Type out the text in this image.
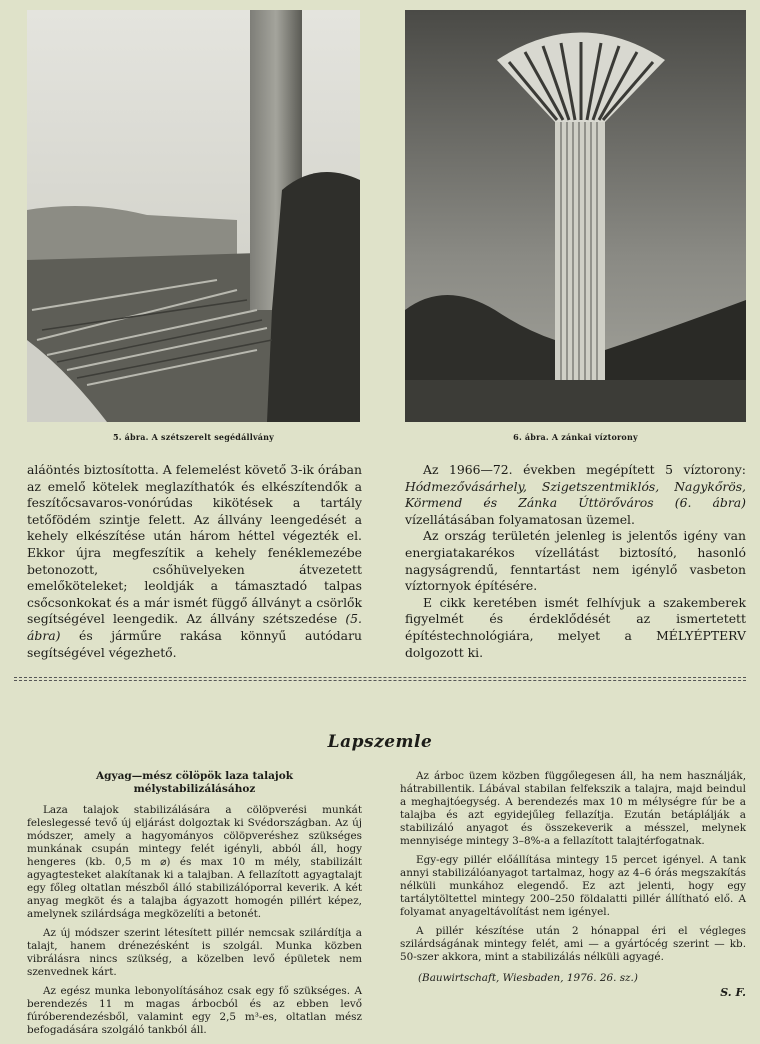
5. ábra. A szétszerelt segédállvány	6. ábra. A zánkai víztorony

aláöntés biztosította. A felemelést követő 3-ik órában az emelő kötelek meglazíthatók és elkészítendők a feszítőcsavaros-vonórúdas kikötések a tartály tetőfödém szintje felett. Az állvány leengedését a kehely elkészítése után három héttel végezték el. Ekkor újra megfeszítik a kehely fenéklemezébe betonozott, csőhüvelyeken átvezetett emelőköteleket; leoldják a támasztadó talpas csőcsonkokat és a már ismét függő állványt a csörlők segítségével leengedik. Az állvány szétszedése (5. ábra) és járműre rakása könnyű autódaru segítségével végezhető.

Az 1966—72. években megépített 5 víztorony: Hódmezővásárhely, Szigetszentmiklós, Nagykőrös, Körmend és Zánka Úttörőváros (6. ábra) vízellátásában folyamatosan üzemel.

Az ország területén jelenleg is jelentős igény van energiatakarékos vízellátást biztosító, hasonló nagyságrendű, fenntartást nem igénylő vasbeton víztornyok építésére.

E cikk keretében ismét felhívjuk a szakemberek figyelmét és érdeklődését az ismertetett építéstechnológiára, melyet a MÉLYÉPTERV dolgozott ki.

Lapszemle
Agyag—mész cölöpök laza talajok
mélystabilizálásához

Laza talajok stabilizálására a cölöpverési munkát feleslegessé tevő új eljárást dolgoztak ki Svédországban. Az új módszer, amely a hagyományos cölöpveréshez szükséges munkának csupán mintegy felét igényli, abból áll, hogy hengeres (kb. 0,5 m ⌀) és max 10 m mély, stabilizált agyagtesteket alakítanak ki a talajban. A fellazított agyagtalajt egy főleg oltatlan mészből álló stabilizálóporral keverik. A két anyag megköt és a talajba ágyazott homogén pillért képez, amelynek szilárdsága megközelíti a betonét.

Az új módszer szerint létesített pillér nemcsak szilárdítja a talajt, hanem drénezésként is szolgál. Munka közben vibrálásra nincs szükség, a közelben levő épületek nem szenvednek kárt.

Az egész munka lebonyolításához csak egy fő szükséges. A berendezés 11 m magas árbocból és az ebben levő fúróberendezésből, valamint egy 2,5 m³-es, oltatlan mész befogadására szolgáló tankból áll.

Az árboc üzem közben függőlegesen áll, ha nem használják, hátrabillentik. Lábával stabilan felfekszik a talajra, majd beindul a meghajtóegység. A berendezés max 10 m mélységre fúr be a talajba és azt egyidejűleg fellazítja. Ezután betáplálják a stabilizáló anyagot és összekeverik a mésszel, melynek mennyisége mintegy 3–8%-a a fellazított talajtérfogatnak.

Egy-egy pillér előállítása mintegy 15 percet igényel. A tank annyi stabilizálóanyagot tartalmaz, hogy az 4–6 órás megszakítás nélküli munkához elegendő. Ez azt jelenti, hogy egy tartálytöltettel mintegy 200–250 földalatti pillér állítható elő. A folyamat anyageltávolítást nem igényel.

A pillér készítése után 2 hónappal éri el végleges szilárdságának mintegy felét, ami — a gyártócég szerint — kb. 50-szer akkora, mint a stabilizálás nélküli agyagé.

(Bauwirtschaft, Wiesbaden, 1976. 26. sz.)
S. F.
